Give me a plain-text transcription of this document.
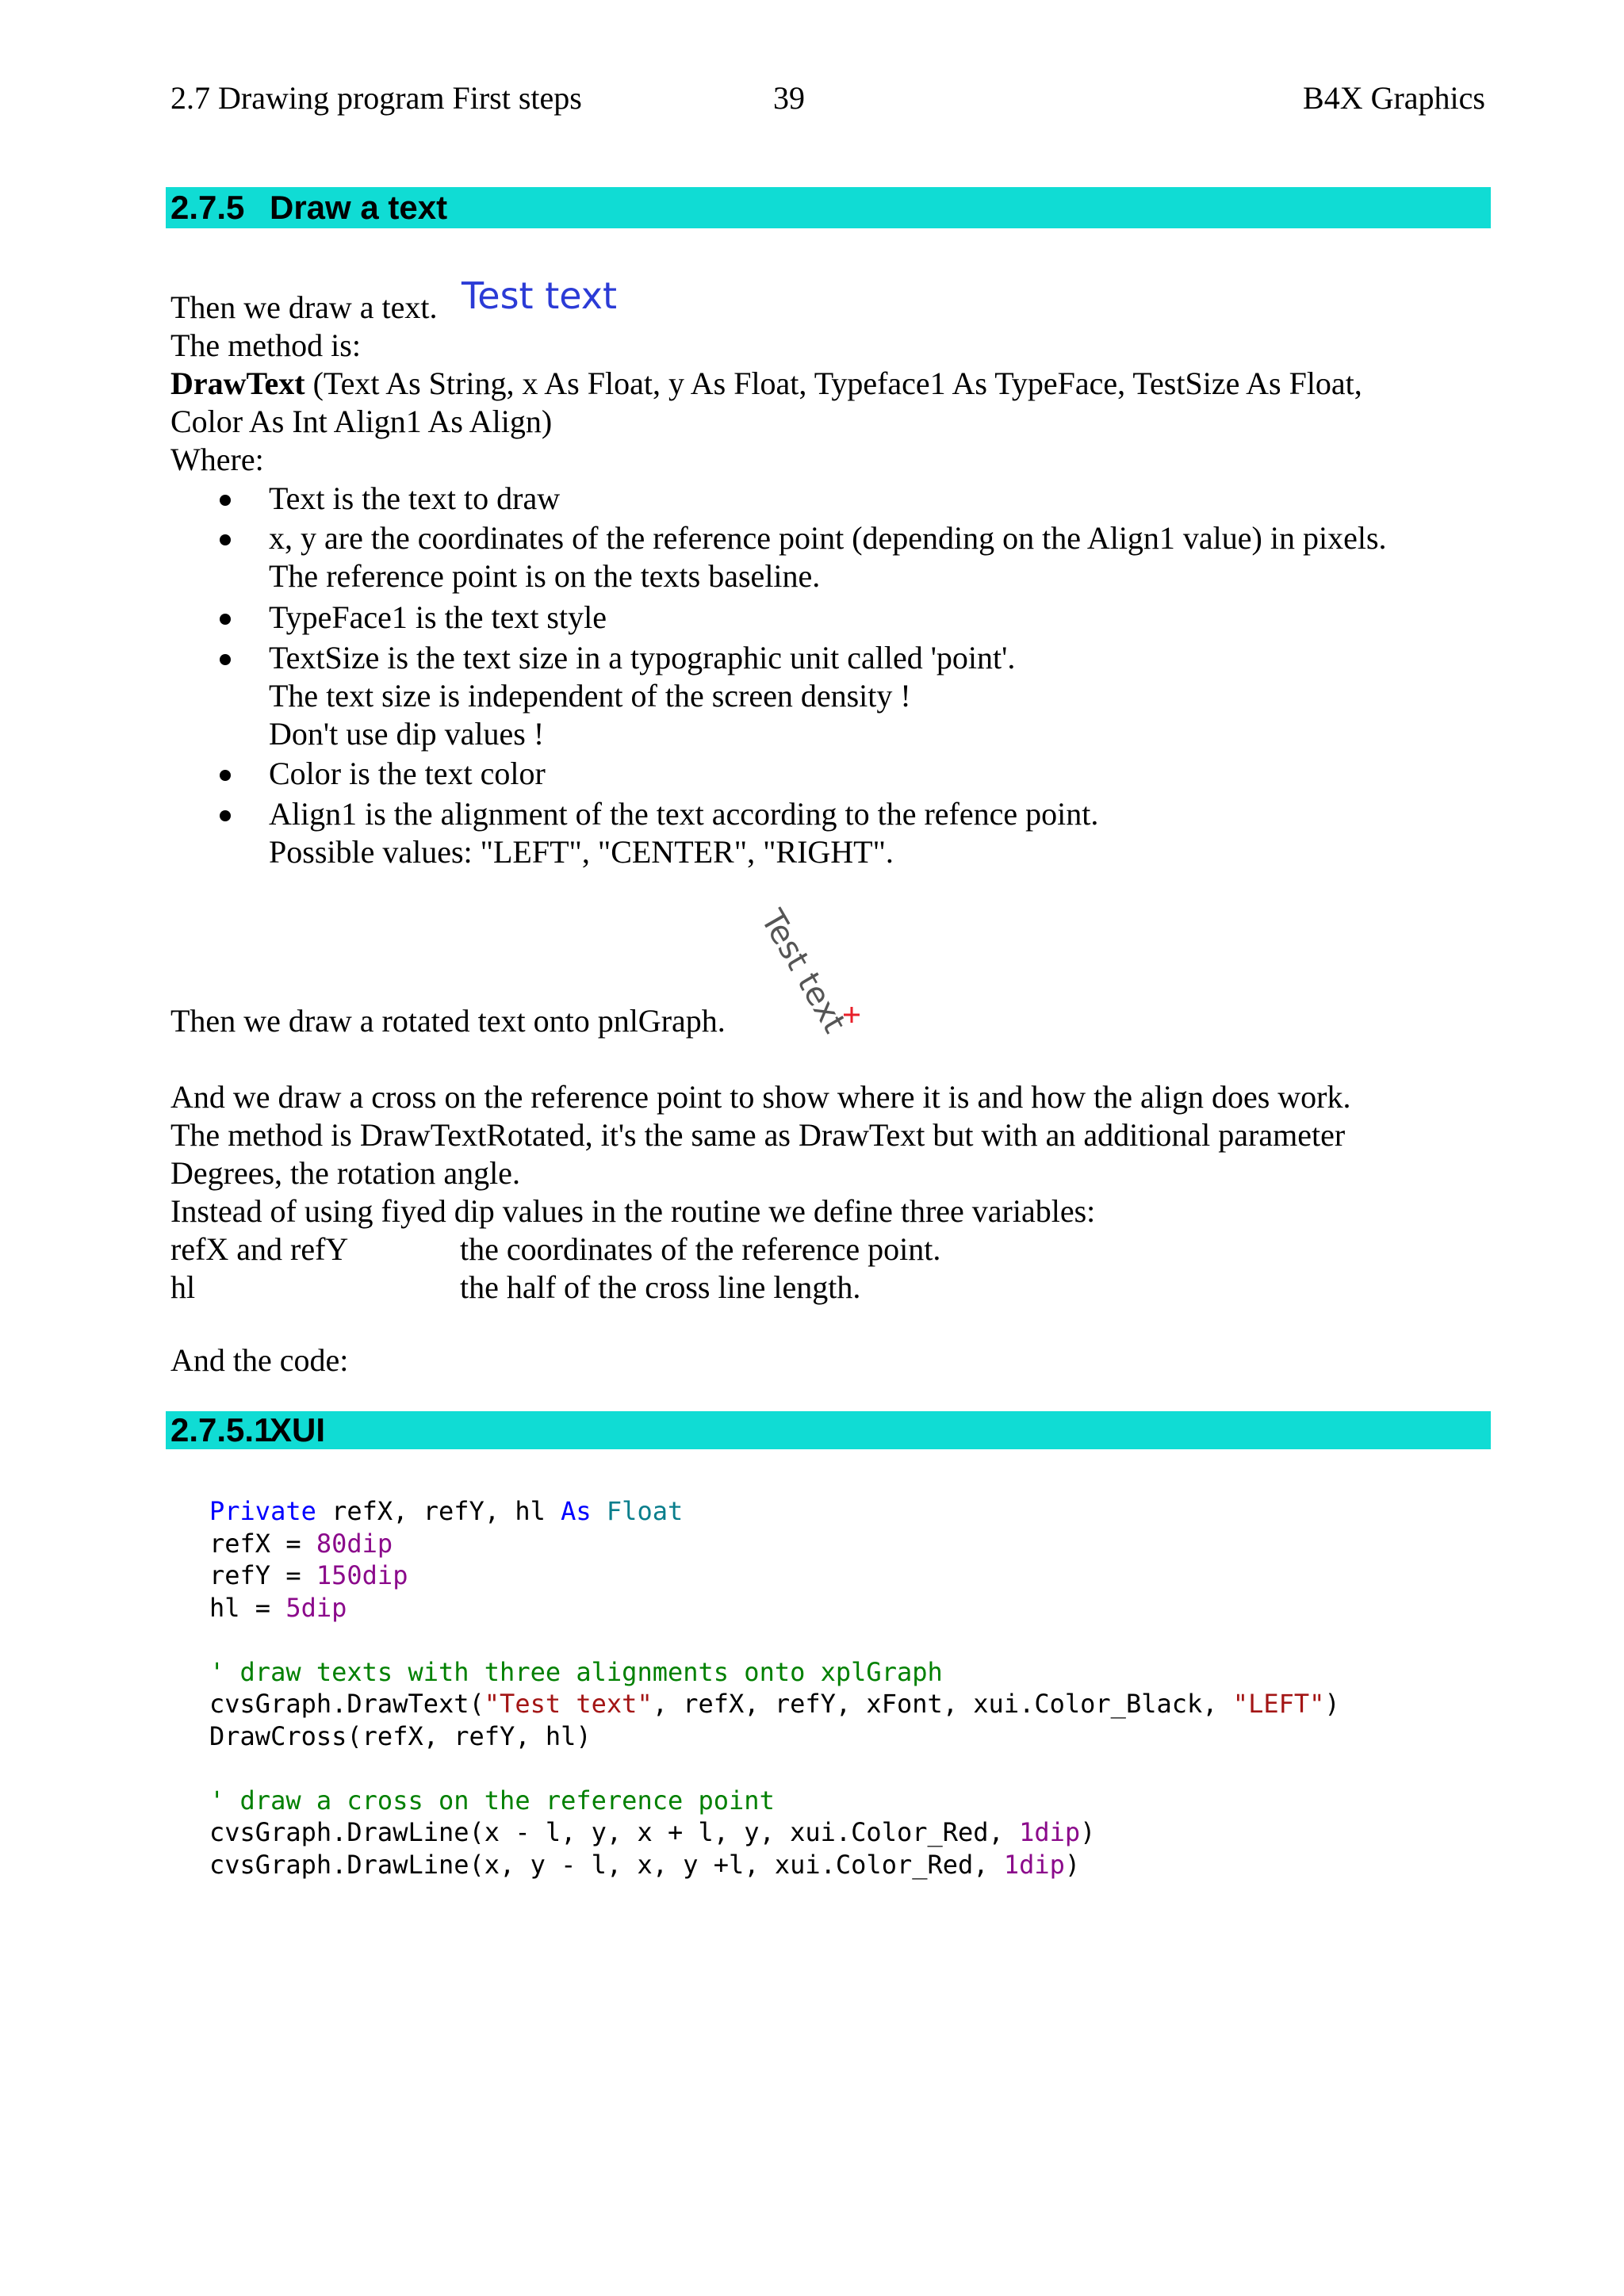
2.7 Drawing program First steps	39	B4X Graphics
2.7.5 Draw a text
Then we draw a text. Test text
The method is:
DrawText (Text As String, x As Float, y As Float, Typeface1 As TypeFace, TestSize As Float,
Color As Int Align1 As Align)
Where:
Text is the text to draw
x, y are the coordinates of the reference point (depending on the Align1 value) in pixels.
The reference point is on the texts baseline.
TypeFace1 is the text style
TextSize is the text size in a typographic unit called 'point'.
The text size is independent of the screen density !
Don't use dip values !
Color is the text color
Align1 is the alignment of the text according to the refence point.
Possible values: "LEFT", "CENTER", "RIGHT".
Then we draw a rotated text onto pnlGraph. Test text
And we draw a cross on the reference point to show where it is and how the align does work.
The method is DrawTextRotated, it's the same as DrawText but with an additional parameter
Degrees, the rotation angle.
Instead of using fiyed dip values in the routine we define three variables:
refX and refY	the coordinates of the reference point.
hl	the half of the cross line length.
And the code:
2.7.5.1XUI
Private refX, refY, hl As Float
refX = 80dip
refY = 150dip
hl = 5dip
' draw texts with three alignments onto xplGraph
cvsGraph.DrawText("Test text", refX, refY, xFont, xui.Color_Black, "LEFT")
DrawCross(refX, refY, hl)
' draw a cross on the reference point
cvsGraph.DrawLine(x - l, y, x + l, y, xui.Color_Red, 1dip)
cvsGraph.DrawLine(x, y - l, x, y +l, xui.Color_Red, 1dip)
